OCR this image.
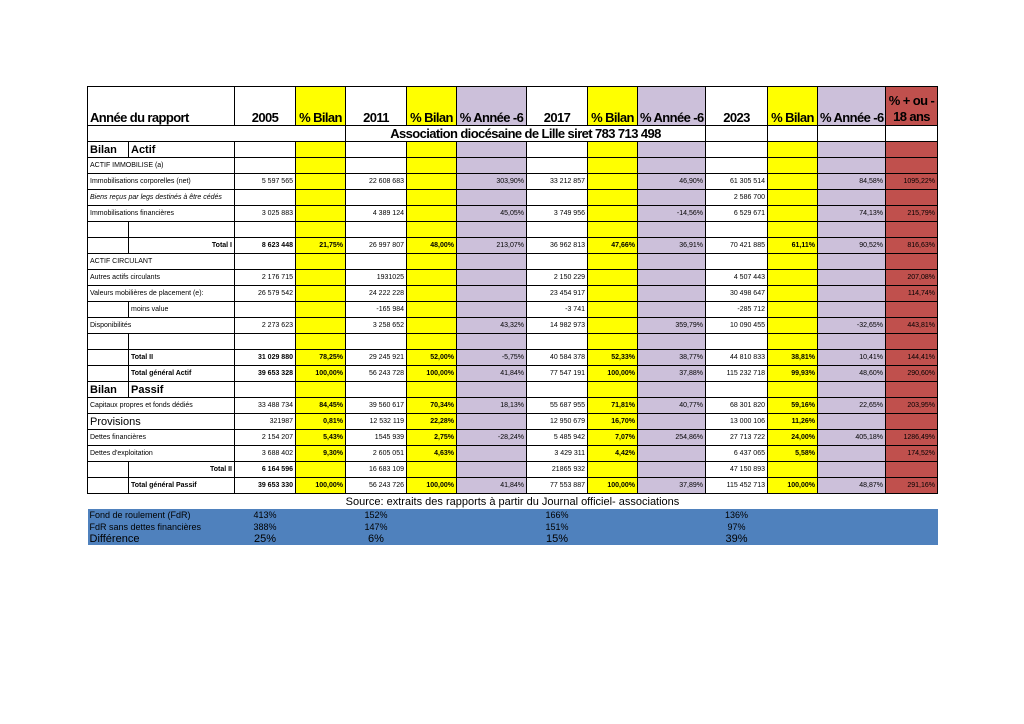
Année du rapport		2005	% Bilan	2011	% Bilan	% Année -6	2017	% Bilan	% Année -6	2023	% Bilan	% Année -6	% + ou - 18 ans
				Association diocésaine de Lille siret 783 713 498									
Bilan	Actif												
ACTIF IMMOBILISE (a)													
Immobilisations corporelles (net)		5 597 565		22 608 683		303,90%	33 212 857		46,90%	61 305 514		84,58%	1095,22%
Biens reçus par legs destinés à être cédés										2 586 700			
Immobilisations financières		3 025 883		4 389 124		45,05%	3 749 956		-14,56%	6 529 671		74,13%	215,79%

	Total I	8 623 448	21,75%	26 997 807	48,00%	213,07%	36 962 813	47,66%	36,91%	70 421 885	61,11%	90,52%	816,63%
ACTIF CIRCULANT													
Autres actifs circulants		2 176 715		1931025			2 150 229			4 507 443			207,08%
Valeurs mobilières de placement (e):		26 579 542		24 222 228			23 454 917			30 498 647			114,74%
	moins value			-165 984			-3 741			-285 712			
Disponibilités		2 273 623		3 258 652		43,32%	14 982 973		359,79%	10 090 455		-32,65%	443,81%

	Total II	31 029 880	78,25%	29 245 921	52,00%	-5,75%	40 584 378	52,33%	38,77%	44 810 833	38,81%	10,41%	144,41%
	Total général Actif	39 653 328	100,00%	56 243 728	100,00%	41,84%	77 547 191	100,00%	37,88%	115 232 718	99,93%	48,60%	290,60%
Bilan	Passif												
Capitaux propres et fonds dédiés		33 488 734	84,45%	39 560 617	70,34%	18,13%	55 687 955	71,81%	40,77%	68 301 820	59,16%	22,65%	203,95%
Provisions		321987	0,81%	12 532 119	22,28%		12 950 679	16,70%		13 000 106	11,26%		
Dettes financières		2 154 207	5,43%	1545 939	2,75%	-28,24%	5 485 942	7,07%	254,86%	27 713 722	24,00%	405,18%	1286,49%
Dettes d'exploitation		3 688 402	9,30%	2 605 051	4,63%		3 429 311	4,42%		6 437 065	5,58%		174,52%
	Total II	6 164 596		16 683 109			21865 932			47 150 893			
	Total général Passif	39 653 330	100,00%	56 243 726	100,00%	41,84%	77 553 887	100,00%	37,89%	115 452 713	100,00%	48,87%	291,16%
Source: extraits des rapports à partir du Journal officiel- associations													
Fond de roulement (FdR)		413%		152%			166%			136%			
FdR sans dettes financières		388%		147%			151%			97%			
Différence		25%		6%			15%			39%			
